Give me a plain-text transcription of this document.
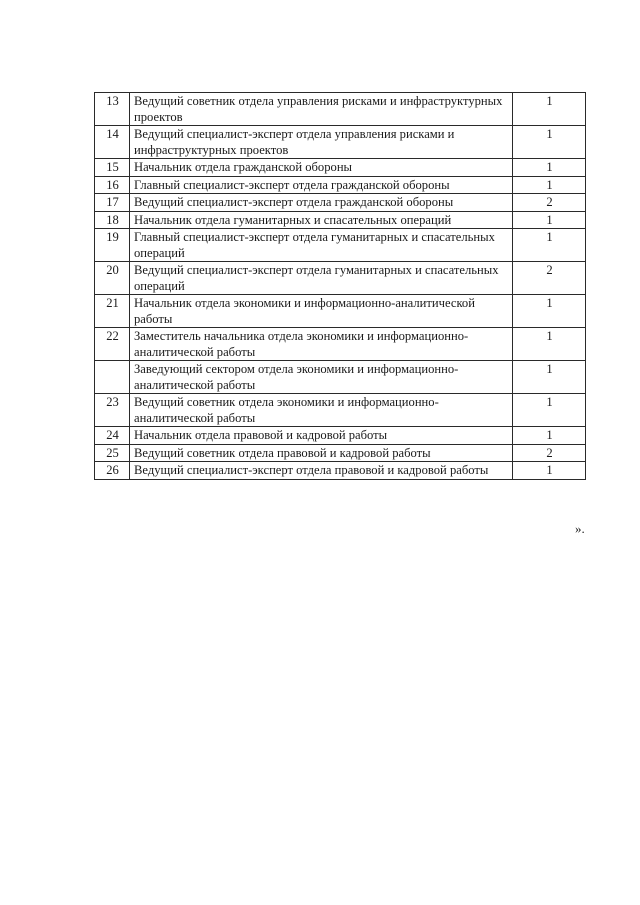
13	Ведущий советник отдела управления рисками и инфраструктурных проектов	1
14	Ведущий специалист-эксперт отдела управления рисками и инфраструктурных проектов	1
15	Начальник отдела гражданской обороны	1
16	Главный специалист-эксперт отдела гражданской обороны	1
17	Ведущий специалист-эксперт отдела гражданской обороны	2
18	Начальник отдела гуманитарных и спасательных операций	1
19	Главный специалист-эксперт отдела гуманитарных и спасательных операций	1
20	Ведущий специалист-эксперт отдела гуманитарных и спасательных операций	2
21	Начальник отдела экономики и информационно-аналитической работы	1
22	Заместитель начальника отдела экономики и информационно-аналитической работы	1
	Заведующий сектором отдела экономики и информационно-аналитической работы	1
23	Ведущий советник отдела экономики и информационно-аналитической работы	1
24	Начальник отдела правовой и кадровой работы	1
25	Ведущий советник отдела правовой и кадровой работы	2
26	Ведущий специалист-эксперт отдела правовой и кадровой работы	1
».
